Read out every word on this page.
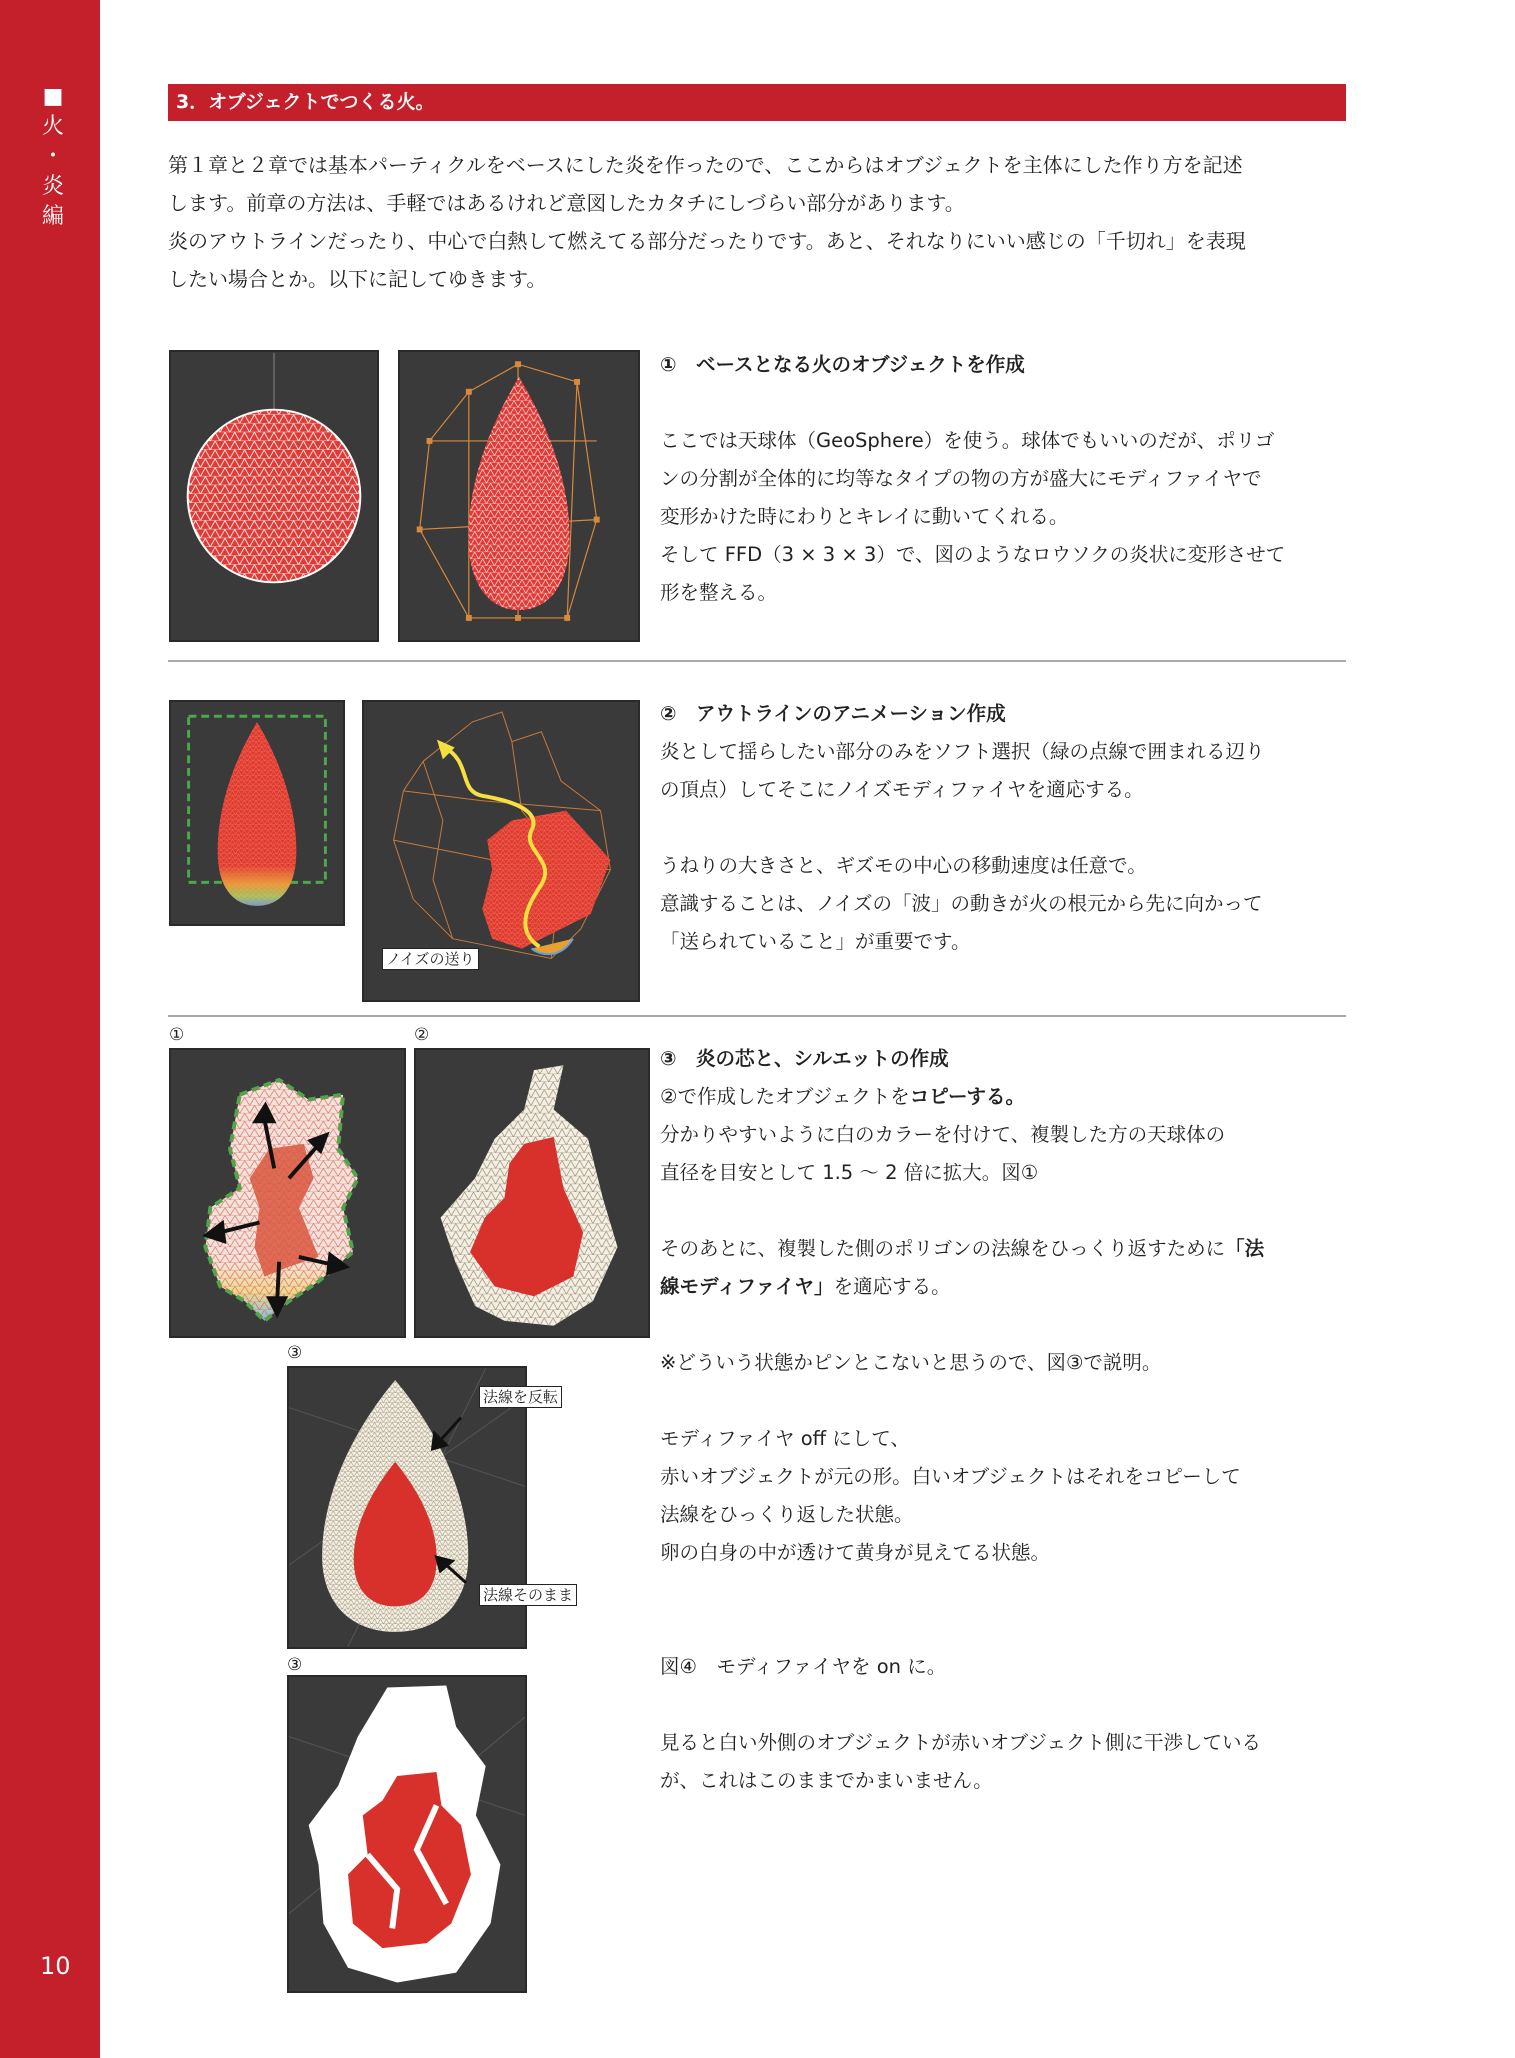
■
火
・
炎
編
10
3．オブジェクトでつくる火。

第１章と２章では基本パーティクルをベースにした炎を作ったので、ここからはオブジェクトを主体にした作り方を記述

します。前章の方法は、手軽ではあるけれど意図したカタチにしづらい部分があります。

炎のアウトラインだったり、中心で白熱して燃えてる部分だったりです。あと、それなりにいい感じの「千切れ」を表現

したい場合とか。以下に記してゆきます。

①　ベースとなる火のオブジェクトを作成

ここでは天球体（GeoSphere）を使う。球体でもいいのだが、ポリゴ

ンの分割が全体的に均等なタイプの物の方が盛大にモディファイヤで

変形かけた時にわりとキレイに動いてくれる。

そして FFD（3 × 3 × 3）で、図のようなロウソクの炎状に変形させて

形を整える。

ノイズの送り

②　アウトラインのアニメーション作成

炎として揺らしたい部分のみをソフト選択（緑の点線で囲まれる辺り

の頂点）してそこにノイズモディファイヤを適応する。

うねりの大きさと、ギズモの中心の移動速度は任意で。

意識することは、ノイズの「波」の動きが火の根元から先に向かって

「送られていること」が重要です。

①	②

③　炎の芯と、シルエットの作成

②で作成したオブジェクトをコピーする。

分かりやすいように白のカラーを付けて、複製した方の天球体の

直径を目安として 1.5 ～ 2 倍に拡大。図①

そのあとに、複製した側のポリゴンの法線をひっくり返すために「法

線モディファイヤ」を適応する。

※どういう状態かピンとこないと思うので、図③で説明。

モディファイヤ off にして、

赤いオブジェクトが元の形。白いオブジェクトはそれをコピーして

法線をひっくり返した状態。

卵の白身の中が透けて黄身が見えてる状態。

図④　モディファイヤを on に。

見ると白い外側のオブジェクトが赤いオブジェクト側に干渉している

が、これはこのままでかまいません。

③
法線を反転
法線そのまま
③
